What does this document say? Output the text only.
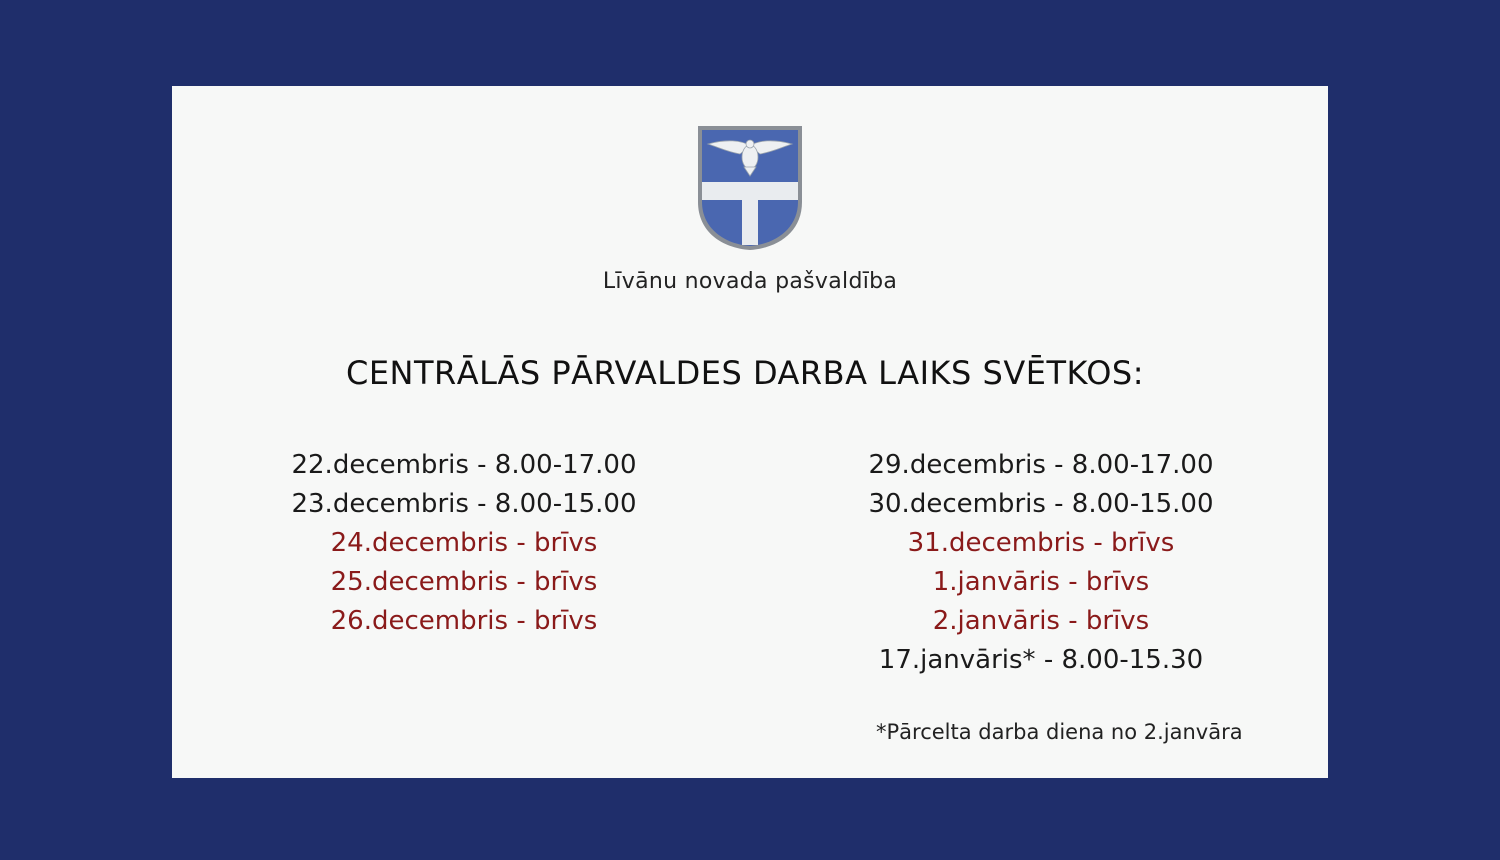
Līvānu novada pašvaldība
CENTRĀLĀS PĀRVALDES DARBA LAIKS SVĒTKOS:
22.decembris - 8.00-17.00
23.decembris - 8.00-15.00
24.decembris - brīvs
25.decembris - brīvs
26.decembris - brīvs
29.decembris - 8.00-17.00
30.decembris - 8.00-15.00
31.decembris - brīvs
1.janvāris - brīvs
2.janvāris - brīvs
17.janvāris* - 8.00-15.30
*Pārcelta darba diena no 2.janvāra
